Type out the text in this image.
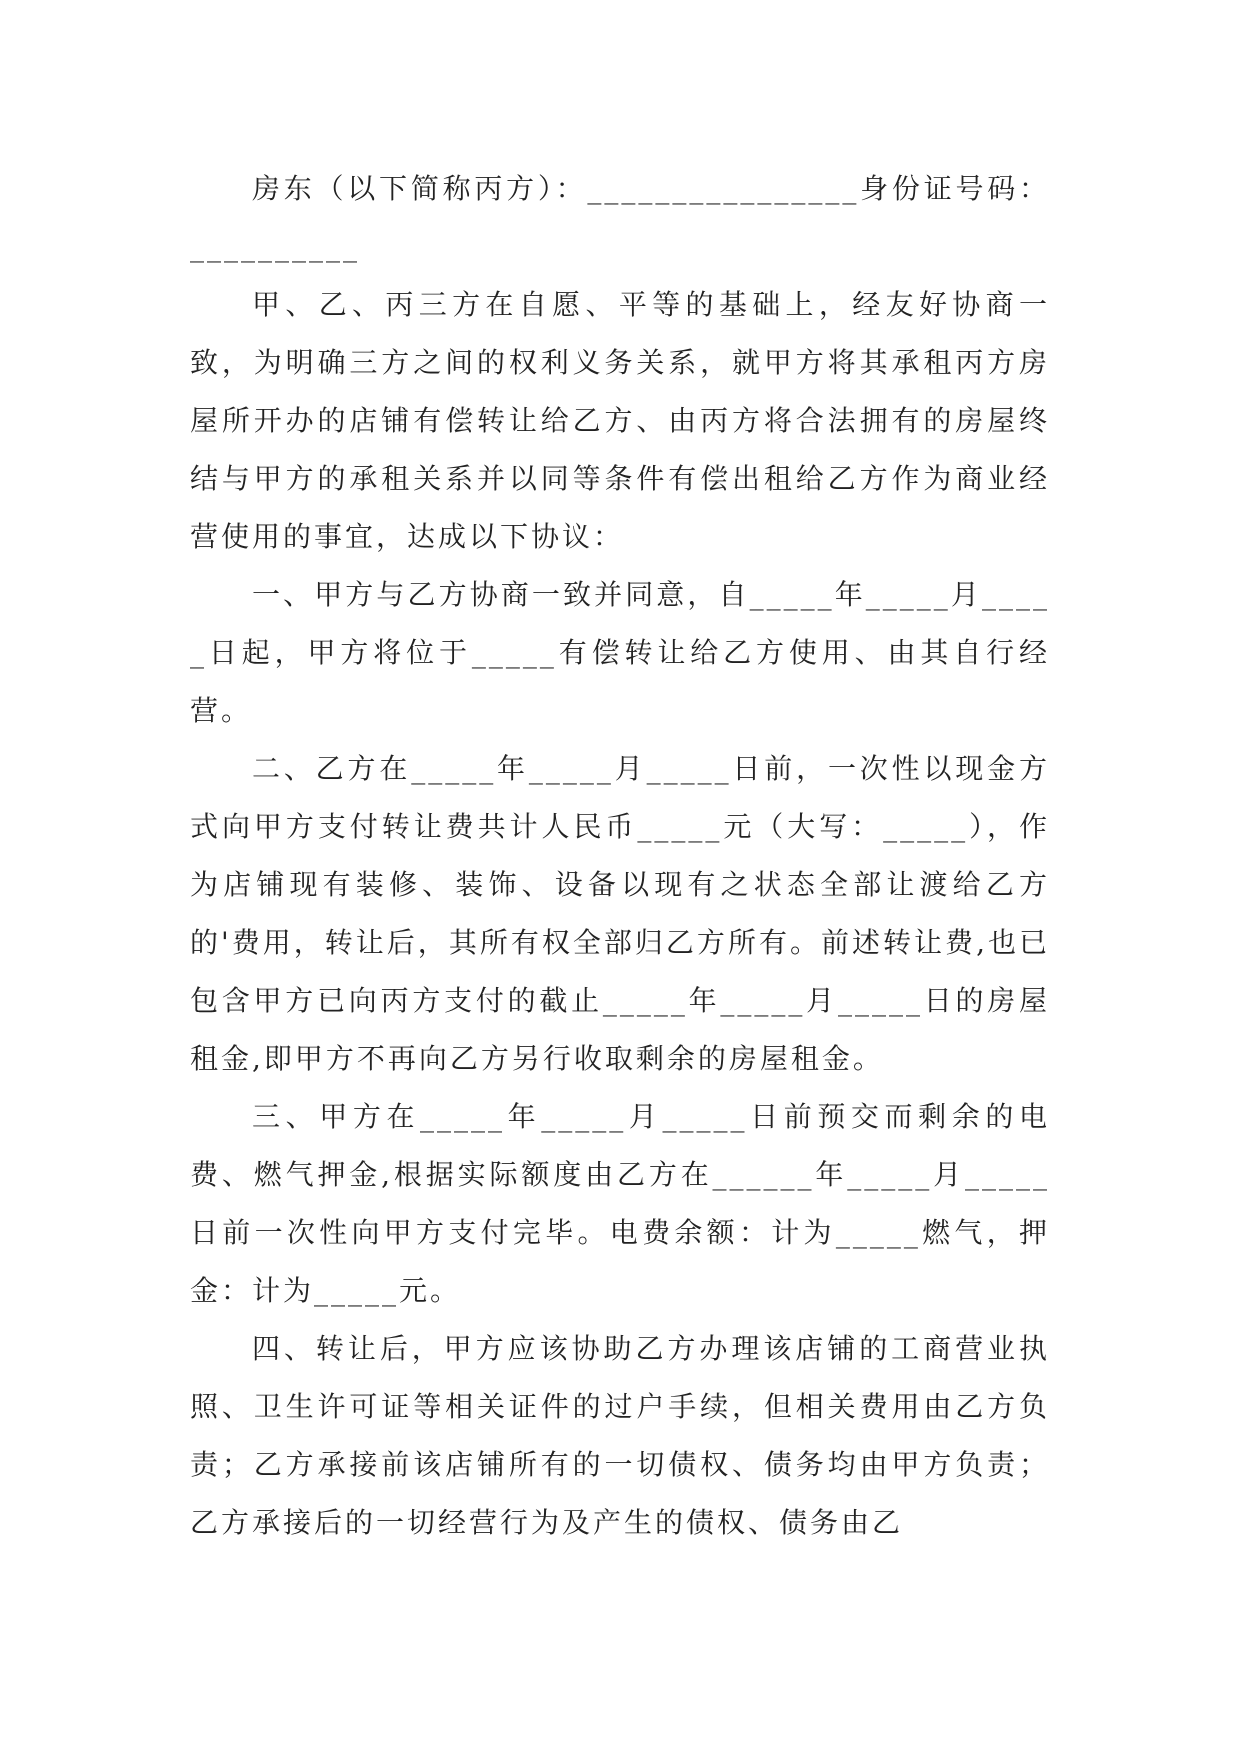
房东（以下简称丙方）：________________身份证号码：__________

甲、乙、丙三方在自愿、平等的基础上，经友好协商一致，为明确三方之间的权利义务关系，就甲方将其承租丙方房屋所开办的店铺有偿转让给乙方、由丙方将合法拥有的房屋终结与甲方的承租关系并以同等条件有偿出租给乙方作为商业经营使用的事宜，达成以下协议：

一、甲方与乙方协商一致并同意，自_____年_____月_____日起，甲方将位于_____有偿转让给乙方使用、由其自行经营。

二、乙方在_____年_____月_____日前，一次性以现金方式向甲方支付转让费共计人民币_____元（大写：_____），作为店铺现有装修、装饰、设备以现有之状态全部让渡给乙方的'费用，转让后，其所有权全部归乙方所有。前述转让费,也已包含甲方已向丙方支付的截止_____年_____月_____日的房屋租金,即甲方不再向乙方另行收取剩余的房屋租金。

三、甲方在_____年_____月_____日前预交而剩余的电费、燃气押金,根据实际额度由乙方在______年_____月_____日前一次性向甲方支付完毕。电费余额：计为_____燃气，押金：计为_____元。

四、转让后，甲方应该协助乙方办理该店铺的工商营业执照、卫生许可证等相关证件的过户手续，但相关费用由乙方负责；乙方承接前该店铺所有的一切债权、债务均由甲方负责；乙方承接后的一切经营行为及产生的债权、债务由乙
